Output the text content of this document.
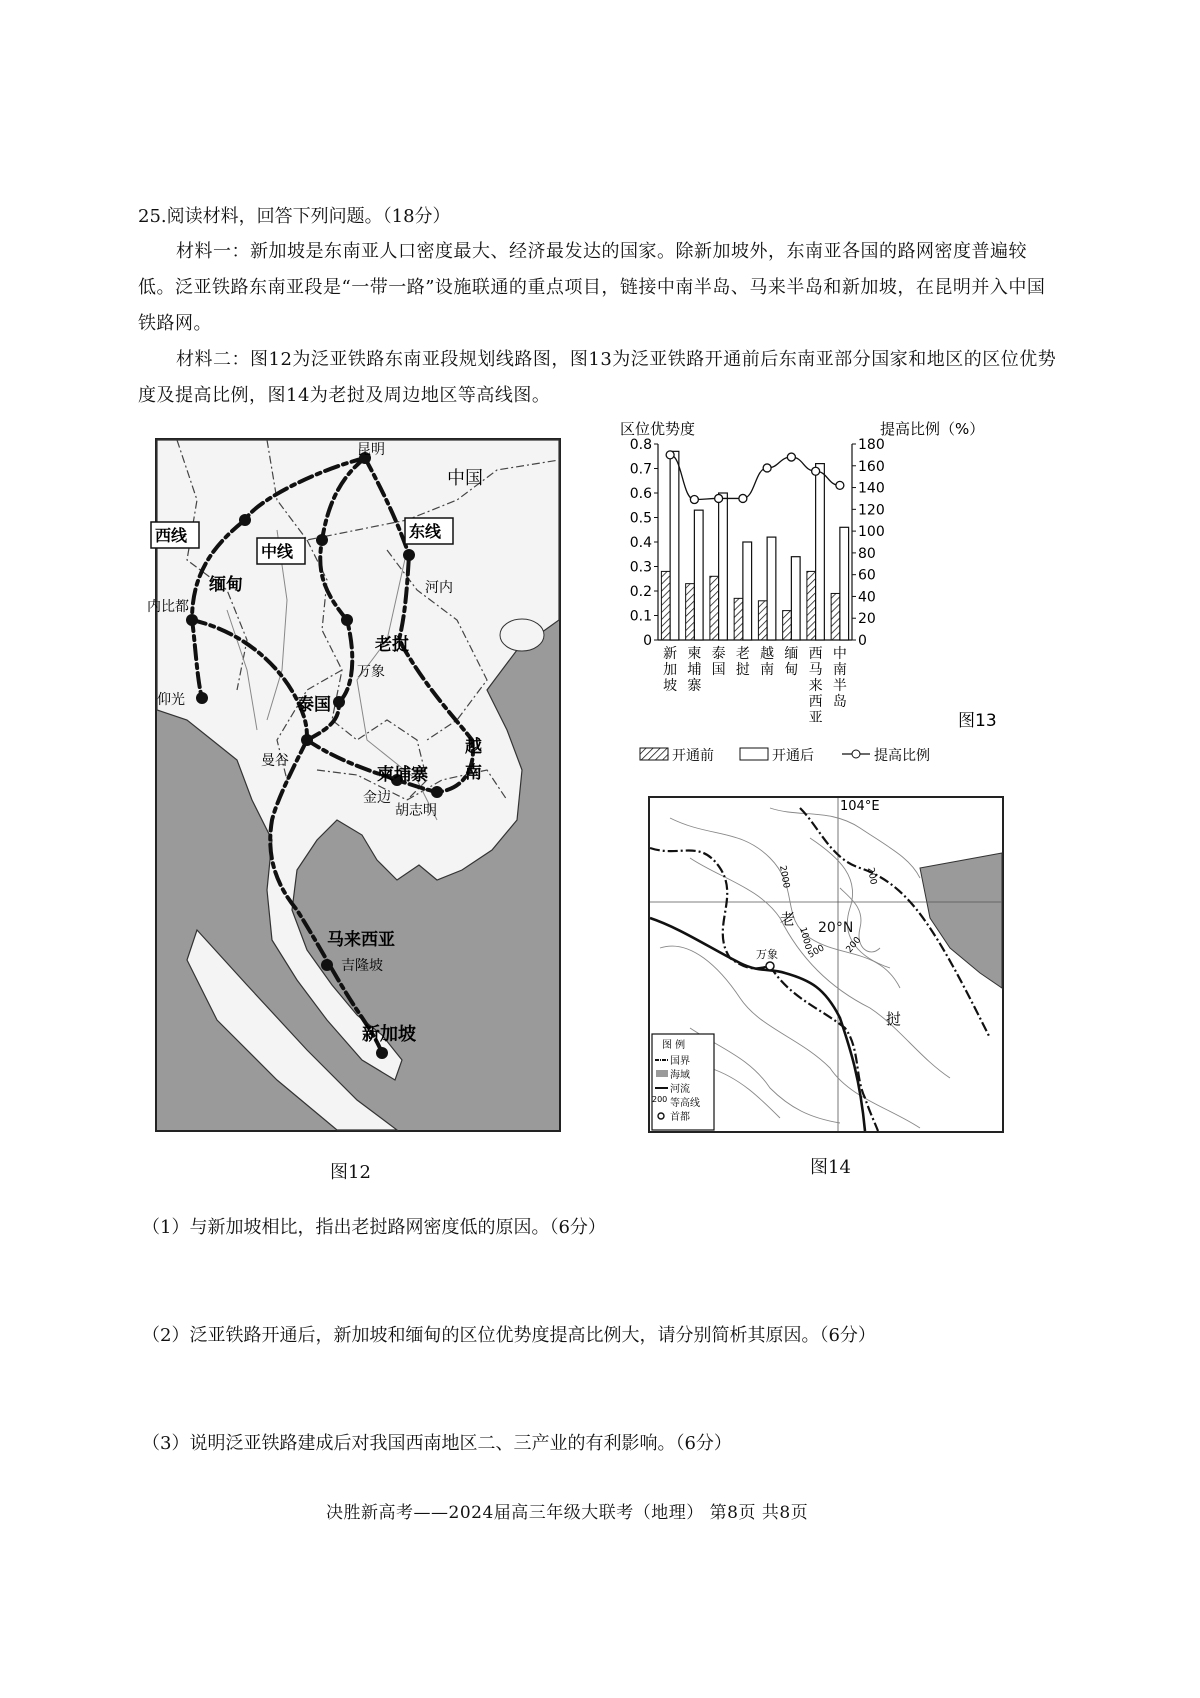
25.阅读材料，回答下列问题。（18分）
材料一：新加坡是东南亚人口密度最大、经济最发达的国家。除新加坡外，东南亚各国的路网密度普遍较低。泛亚铁路东南亚段是“一带一路”设施联通的重点项目，链接中南半岛、马来半岛和新加坡，在昆明并入中国铁路网。
材料二：图12为泛亚铁路东南亚段规划线路图，图13为泛亚铁路开通前后东南亚部分国家和地区的区位优势度及提高比例，图14为老挝及周边地区等高线图。
中国
昆明
西线
中线
东线
缅甸
内比都
河内
老挝
万象
仰光	泰国
曼谷
柬埔寨
越
南
金边
胡志明
马来西亚
吉隆坡
新加坡
图12
区位优势度	提高比例（%）
0
0.1
0.2
0.3
0.4
0.5
0.6
0.7
0.8
0
20
40
60
80
100
120
140
160
180
新
加
坡
柬
埔
寨
泰
国
老
挝
越
南
缅
甸
西
马
来
西
亚
中
南
半
岛
开通前	开通后	提高比例
图13
104°E
老
挝
万象
200
2000
1000
500 200
图 例
国界
海域
河流
200 等高线
首都
20°N
图14
（1）与新加坡相比，指出老挝路网密度低的原因。（6分）
（2）泛亚铁路开通后，新加坡和缅甸的区位优势度提高比例大，请分别简析其原因。（6分）
（3）说明泛亚铁路建成后对我国西南地区二、三产业的有利影响。（6分）
决胜新高考——2024届高三年级大联考（地理） 第8页 共8页
